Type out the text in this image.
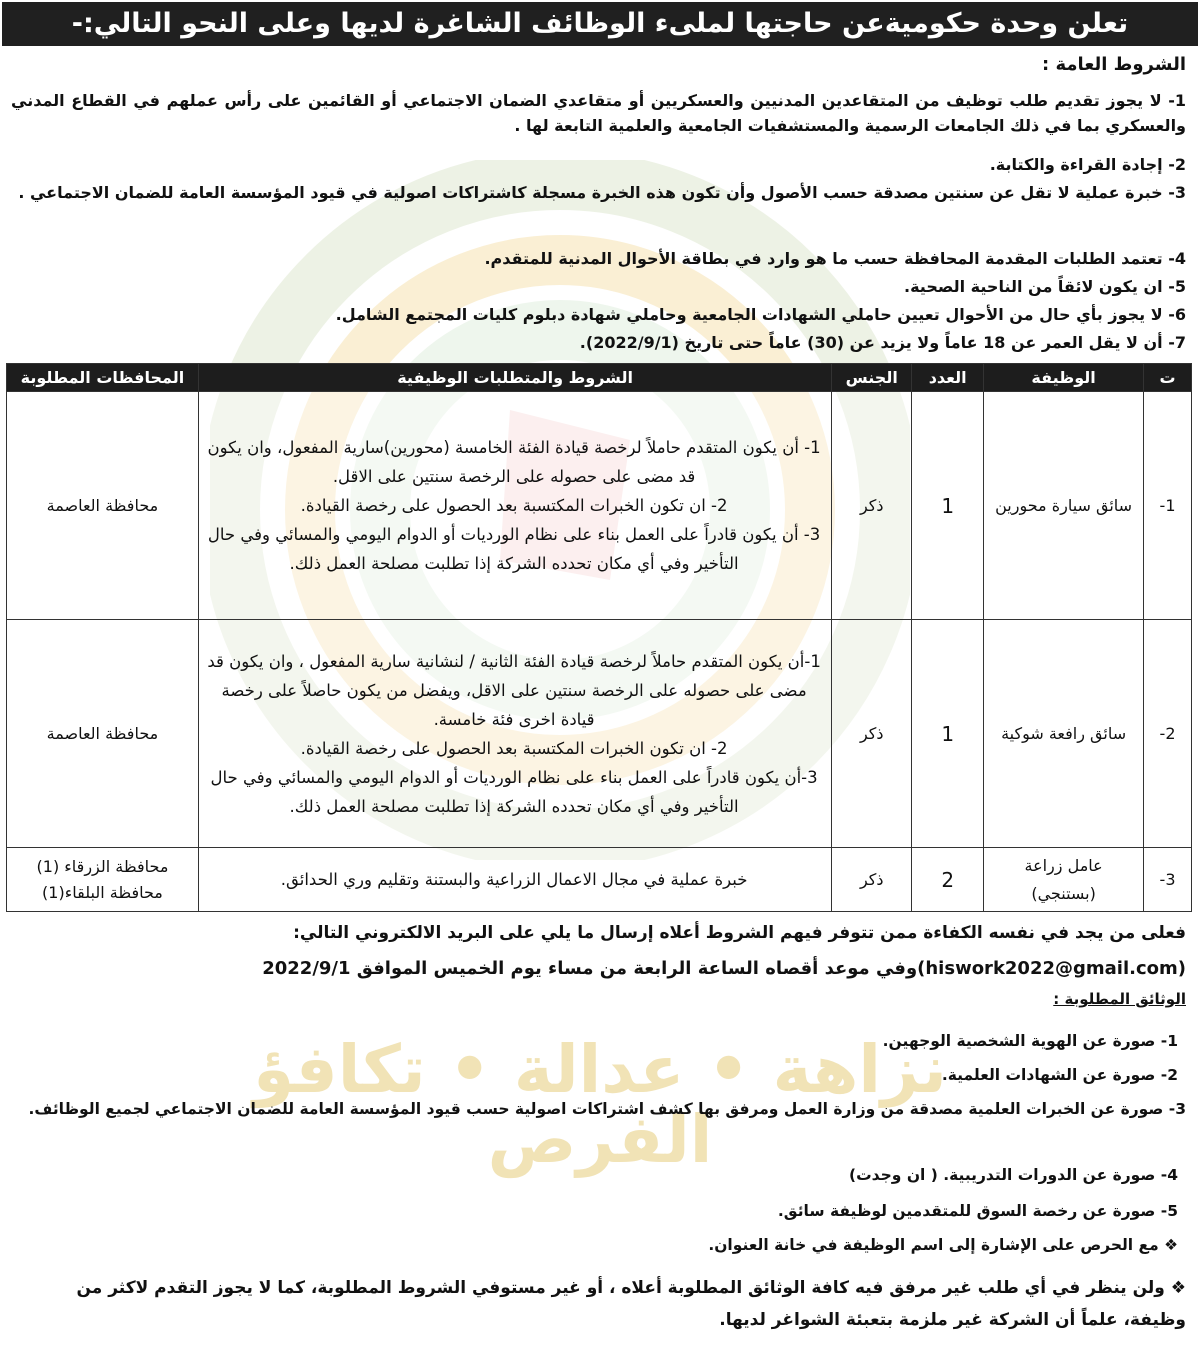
نزاهة • عدالة • تكافؤ الفرص
تعلن وحدة حكوميةعن حاجتها لملىء الوظائف الشاغرة لديها وعلى النحو التالي:-
الشروط العامة :
1- لا يجوز تقديم طلب توظيف من المتقاعدين المدنيين والعسكريين أو متقاعدي الضمان الاجتماعي أو القائمين على رأس عملهم في القطاع المدني والعسكري بما في ذلك الجامعات الرسمية والمستشفيات الجامعية والعلمية التابعة لها .
2- إجادة القراءة والكتابة.
3- خبرة عملية لا تقل عن سنتين مصدقة حسب الأصول وأن تكون هذه الخبرة مسجلة كاشتراكات اصولية في قيود المؤسسة العامة للضمان الاجتماعي .
4- تعتمد الطلبات المقدمة المحافظة حسب ما هو وارد في بطاقة الأحوال المدنية للمتقدم.
5- ان يكون لائقاً من الناحية الصحية.
6- لا يجوز بأي حال من الأحوال تعيين حاملي الشهادات الجامعية وحاملي شهادة دبلوم كليات المجتمع الشامل.
7- أن لا يقل العمر عن 18 عاماً ولا يزيد عن (30) عاماً حتى تاريخ (2022/9/1).
ت	الوظيفة	العدد	الجنس	الشروط والمتطلبات الوظيفية	المحافظات المطلوبة
1-	سائق سيارة محورين	1	ذكر	1- أن يكون المتقدم حاملاً لرخصة قيادة الفئة الخامسة (محورين)سارية المفعول، وان يكون قد مضى على حصوله على الرخصة سنتين على الاقل.
2- ان تكون الخبرات المكتسبة بعد الحصول على رخصة القيادة.
3- أن يكون قادراً على العمل بناء على نظام الورديات أو الدوام اليومي والمسائي وفي حال التأخير وفي أي مكان تحدده الشركة إذا تطلبت مصلحة العمل ذلك.	محافظة العاصمة
2-	سائق رافعة شوكية	1	ذكر	1-أن يكون المتقدم حاملاً لرخصة قيادة الفئة الثانية / لنشانية سارية المفعول ، وان يكون قد مضى على حصوله على الرخصة سنتين على الاقل، ويفضل من يكون حاصلاً على رخصة قيادة اخرى فئة خامسة.
2- ان تكون الخبرات المكتسبة بعد الحصول على رخصة القيادة.
3-أن يكون قادراً على العمل بناء على نظام الورديات أو الدوام اليومي والمسائي وفي حال التأخير وفي أي مكان تحدده الشركة إذا تطلبت مصلحة العمل ذلك.	محافظة العاصمة
3-	عامل زراعة (بستنجي)	2	ذكر	خبرة عملية في مجال الاعمال الزراعية والبستنة وتقليم وري الحدائق.	محافظة الزرقاء (1)
محافظة البلقاء(1)
فعلى من يجد في نفسه الكفاءة ممن تتوفر فيهم الشروط أعلاه إرسال ما يلي على البريد الالكتروني التالي:
(hiswork2022@gmail.com)وفي موعد أقصاه الساعة الرابعة من مساء يوم الخميس الموافق 2022/9/1
الوثائق المطلوبة :
1- صورة عن الهوية الشخصية الوجهين.
2- صورة عن الشهادات العلمية.
3- صورة عن الخبرات العلمية مصدقة من وزارة العمل ومرفق بها كشف اشتراكات اصولية حسب قيود المؤسسة العامة للضمان الاجتماعي لجميع الوظائف.
4- صورة عن الدورات التدريبية. ( ان وجدت)
5- صورة عن رخصة السوق للمتقدمين لوظيفة سائق.
❖ مع الحرص على الإشارة إلى اسم الوظيفة في خانة العنوان.
❖ ولن ينظر في أي طلب غير مرفق فيه كافة الوثائق المطلوبة أعلاه ، أو غير مستوفي الشروط المطلوبة، كما لا يجوز التقدم لاكثر من وظيفة، علماً أن الشركة غير ملزمة بتعبئة الشواغر لديها.
